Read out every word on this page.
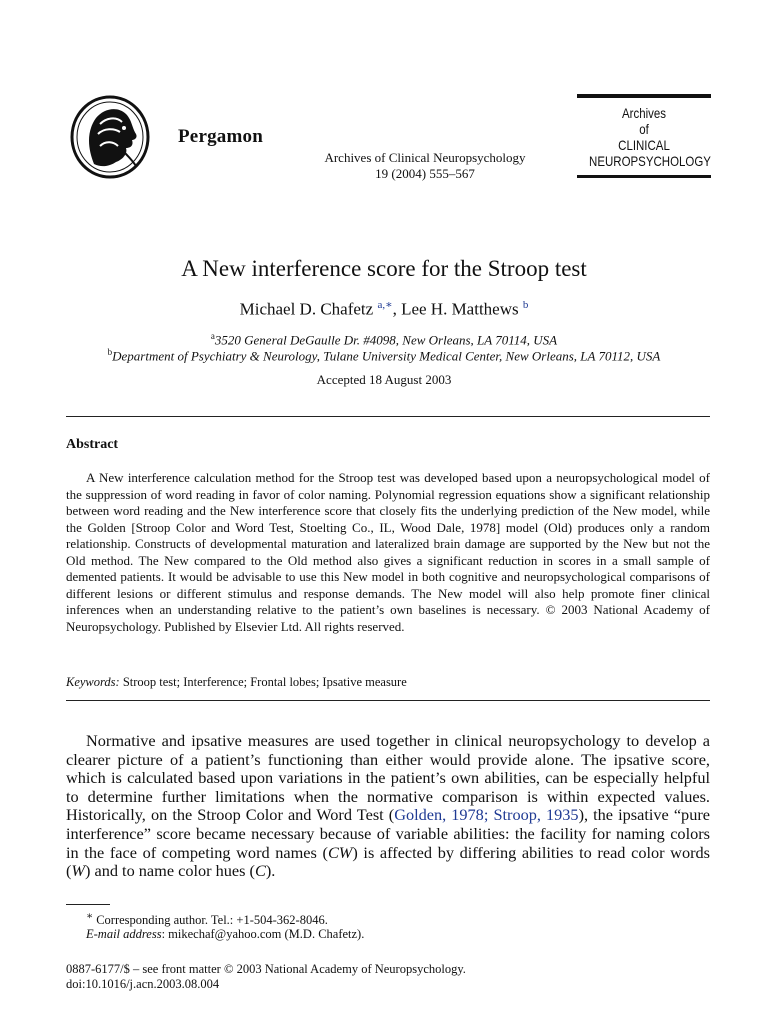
Pergamon
Archives of Clinical Neuropsychology
19 (2004) 555–567
Archives
of
CLINICAL
NEUROPSYCHOLOGY
A New interference score for the Stroop test
Michael D. Chafetz $^{a,∗}$, Lee H. Matthews $^b$
$^a$3520 General DeGaulle Dr. #4098, New Orleans, LA 70114, USA
$^b$Department of Psychiatry & Neurology, Tulane University Medical Center, New Orleans, LA 70112, USA
Accepted 18 August 2003
Abstract
A New interference calculation method for the Stroop test was developed based upon a neuropsychological model of the suppression of word reading in favor of color naming. Polynomial regression equations show a significant relationship between word reading and the New interference score that closely fits the underlying prediction of the New model, while the Golden [Stroop Color and Word Test, Stoelting Co., IL, Wood Dale, 1978] model (Old) produces only a random relationship. Constructs of developmental maturation and lateralized brain damage are supported by the New but not the Old method. The New compared to the Old method also gives a significant reduction in scores in a small sample of demented patients. It would be advisable to use this New model in both cognitive and neuropsychological comparisons of different lesions or different stimulus and response demands. The New model will also help promote finer clinical inferences when an understanding relative to the patient’s own baselines is necessary. © 2003 National Academy of Neuropsychology. Published by Elsevier Ltd. All rights reserved.
Keywords: Stroop test; Interference; Frontal lobes; Ipsative measure
Normative and ipsative measures are used together in clinical neuropsychology to develop a clearer picture of a patient’s functioning than either would provide alone. The ipsative score, which is calculated based upon variations in the patient’s own abilities, can be especially helpful to determine further limitations when the normative comparison is within expected values. Historically, on the Stroop Color and Word Test (Golden, 1978; Stroop, 1935), the ipsative “pure interference” score became necessary because of variable abilities: the facility for naming colors in the face of competing word names (CW) is affected by differing abilities to read color words (W) and to name color hues (C).
∗ Corresponding author. Tel.: +1-504-362-8046.
E-mail address: mikechaf@yahoo.com (M.D. Chafetz).
0887-6177/$ – see front matter © 2003 National Academy of Neuropsychology.
doi:10.1016/j.acn.2003.08.004
